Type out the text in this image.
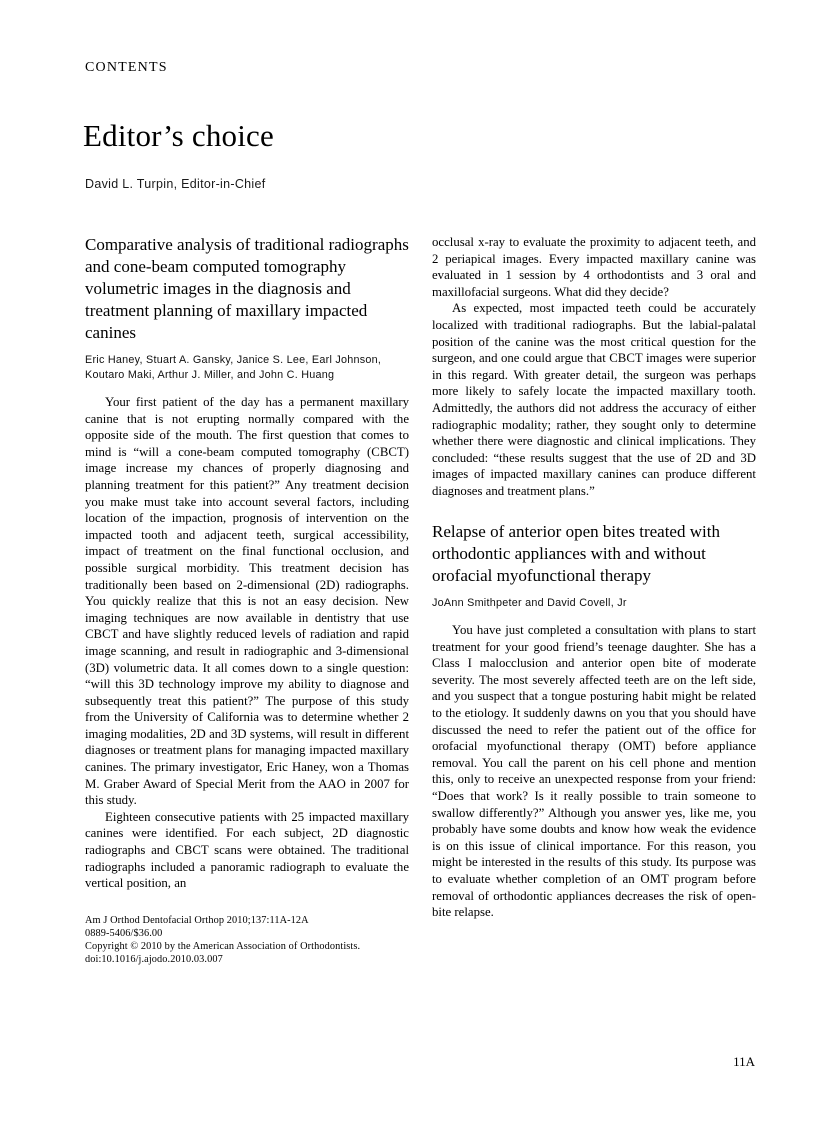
CONTENTS
Editor’s choice
David L. Turpin, Editor-in-Chief
Comparative analysis of traditional radiographs and cone-beam computed tomography volumetric images in the diagnosis and treatment planning of maxillary impacted canines
Eric Haney, Stuart A. Gansky, Janice S. Lee, Earl Johnson, Koutaro Maki, Arthur J. Miller, and John C. Huang

Your first patient of the day has a permanent maxillary canine that is not erupting normally compared with the opposite side of the mouth. The first question that comes to mind is “will a cone-beam computed tomography (CBCT) image increase my chances of properly diagnosing and planning treatment for this patient?” Any treatment decision you make must take into account several factors, including location of the impaction, prognosis of intervention on the impacted tooth and adjacent teeth, surgical accessibility, impact of treatment on the final functional occlusion, and possible surgical morbidity. This treatment decision has traditionally been based on 2-dimensional (2D) radiographs. You quickly realize that this is not an easy decision. New imaging techniques are now available in dentistry that use CBCT and have slightly reduced levels of radiation and rapid image scanning, and result in radiographic and 3-dimensional (3D) volumetric data. It all comes down to a single question: “will this 3D technology improve my ability to diagnose and subsequently treat this patient?” The purpose of this study from the University of California was to determine whether 2 imaging modalities, 2D and 3D systems, will result in different diagnoses or treatment plans for managing impacted maxillary canines. The primary investigator, Eric Haney, won a Thomas M. Graber Award of Special Merit from the AAO in 2007 for this study.

Eighteen consecutive patients with 25 impacted maxillary canines were identified. For each subject, 2D diagnostic radiographs and CBCT scans were obtained. The traditional radiographs included a panoramic radiograph to evaluate the vertical position, an

Am J Orthod Dentofacial Orthop 2010;137:11A-12A
0889-5406/$36.00
Copyright © 2010 by the American Association of Orthodontists.
doi:10.1016/j.ajodo.2010.03.007

occlusal x-ray to evaluate the proximity to adjacent teeth, and 2 periapical images. Every impacted maxillary canine was evaluated in 1 session by 4 orthodontists and 3 oral and maxillofacial surgeons. What did they decide?

As expected, most impacted teeth could be accurately localized with traditional radiographs. But the labial-palatal position of the canine was the most critical question for the surgeon, and one could argue that CBCT images were superior in this regard. With greater detail, the surgeon was perhaps more likely to safely locate the impacted maxillary tooth. Admittedly, the authors did not address the accuracy of either radiographic modality; rather, they sought only to determine whether there were diagnostic and clinical implications. They concluded: “these results suggest that the use of 2D and 3D images of impacted maxillary canines can produce different diagnoses and treatment plans.”

Relapse of anterior open bites treated with orthodontic appliances with and without orofacial myofunctional therapy
JoAnn Smithpeter and David Covell, Jr

You have just completed a consultation with plans to start treatment for your good friend’s teenage daughter. She has a Class I malocclusion and anterior open bite of moderate severity. The most severely affected teeth are on the left side, and you suspect that a tongue posturing habit might be related to the etiology. It suddenly dawns on you that you should have discussed the need to refer the patient out of the office for orofacial myofunctional therapy (OMT) before appliance removal. You call the parent on his cell phone and mention this, only to receive an unexpected response from your friend: “Does that work? Is it really possible to train someone to swallow differently?” Although you answer yes, like me, you probably have some doubts and know how weak the evidence is on this issue of clinical importance. For this reason, you might be interested in the results of this study. Its purpose was to evaluate whether completion of an OMT program before removal of orthodontic appliances decreases the risk of open-bite relapse.

11A
